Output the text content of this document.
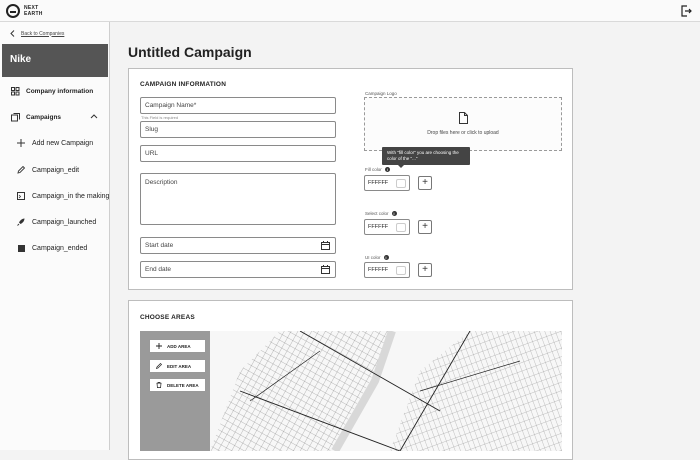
NEXT
EARTH
Back to Companies
Nike
Company information
Campaigns
Add new Campaign
Campaign_edit
Campaign_in the making
Campaign_launched
Campaign_ended
Untitled Campaign
CAMPAIGN INFORMATION
Campaign Name*
This Field is required
Slug
URL
Description
Start date
End date
Campaign Logo
Drop files here or click to upload
With "fill color" you are choosing the color of the "..."
Fill color	i
FFFFFF	+
Select color	i
FFFFFF	+
UI color	i
FFFFFF	+
CHOOSE AREAS
ADD AREA
EDIT AREA
DELETE AREA
